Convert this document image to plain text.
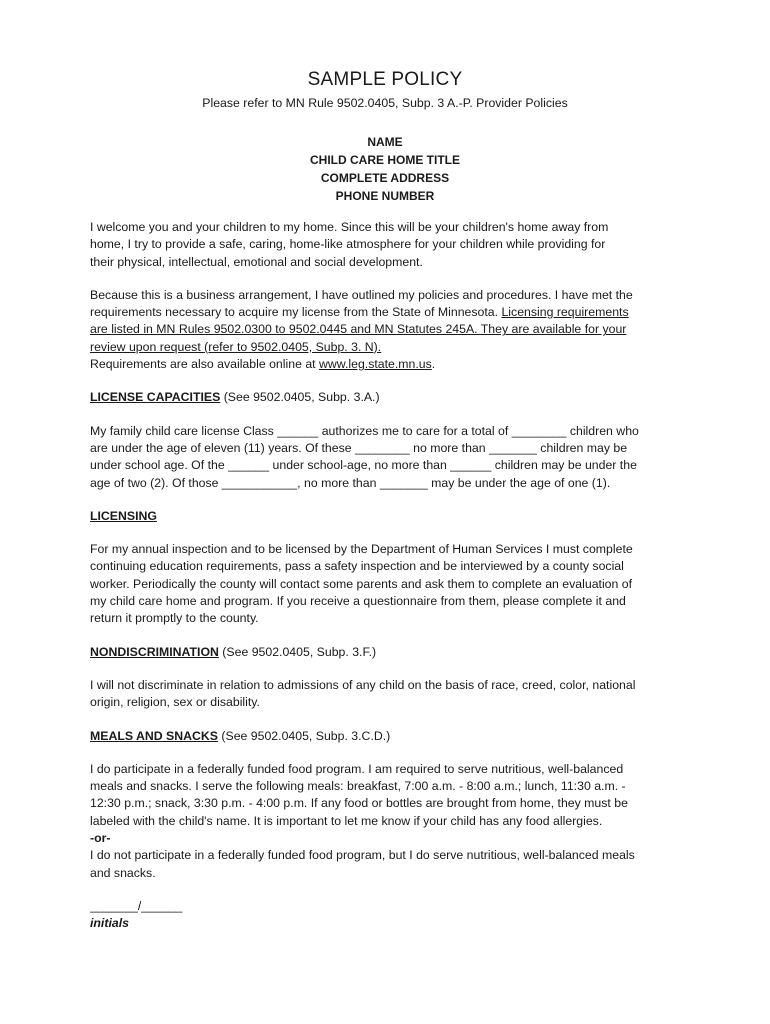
SAMPLE POLICY
Please refer to MN Rule 9502.0405, Subp. 3 A.-P. Provider Policies
NAME
CHILD CARE HOME TITLE
COMPLETE ADDRESS
PHONE NUMBER

I welcome you and your children to my home. Since this will be your children's home away from
home, I try to provide a safe, caring, home-like atmosphere for your children while providing for
their physical, intellectual, emotional and social development.

Because this is a business arrangement, I have outlined my policies and procedures. I have met the
requirements necessary to acquire my license from the State of Minnesota. Licensing requirements
are listed in MN Rules 9502.0300 to 9502.0445 and MN Statutes 245A. They are available for your
review upon request (refer to 9502.0405, Subp. 3. N).
Requirements are also available online at www.leg.state.mn.us.

LICENSE CAPACITIES (See 9502.0405, Subp. 3.A.)

My family child care license Class ______ authorizes me to care for a total of ________ children who
are under the age of eleven (11) years. Of these ________ no more than _______ children may be
under school age. Of the ______ under school-age, no more than ______ children may be under the
age of two (2). Of those ___________, no more than _______ may be under the age of one (1).

LICENSING

For my annual inspection and to be licensed by the Department of Human Services I must complete
continuing education requirements, pass a safety inspection and be interviewed by a county social
worker. Periodically the county will contact some parents and ask them to complete an evaluation of
my child care home and program. If you receive a questionnaire from them, please complete it and
return it promptly to the county.

NONDISCRIMINATION (See 9502.0405, Subp. 3.F.)

I will not discriminate in relation to admissions of any child on the basis of race, creed, color, national
origin, religion, sex or disability.

MEALS AND SNACKS (See 9502.0405, Subp. 3.C.D.)

I do participate in a federally funded food program. I am required to serve nutritious, well-balanced
meals and snacks. I serve the following meals: breakfast, 7:00 a.m. - 8:00 a.m.; lunch, 11:30 a.m. -
12:30 p.m.; snack, 3:30 p.m. - 4:00 p.m. If any food or bottles are brought from home, they must be
labeled with the child's name. It is important to let me know if your child has any food allergies.
-or-
I do not participate in a federally funded food program, but I do serve nutritious, well-balanced meals
and snacks.

_______/______
initials
